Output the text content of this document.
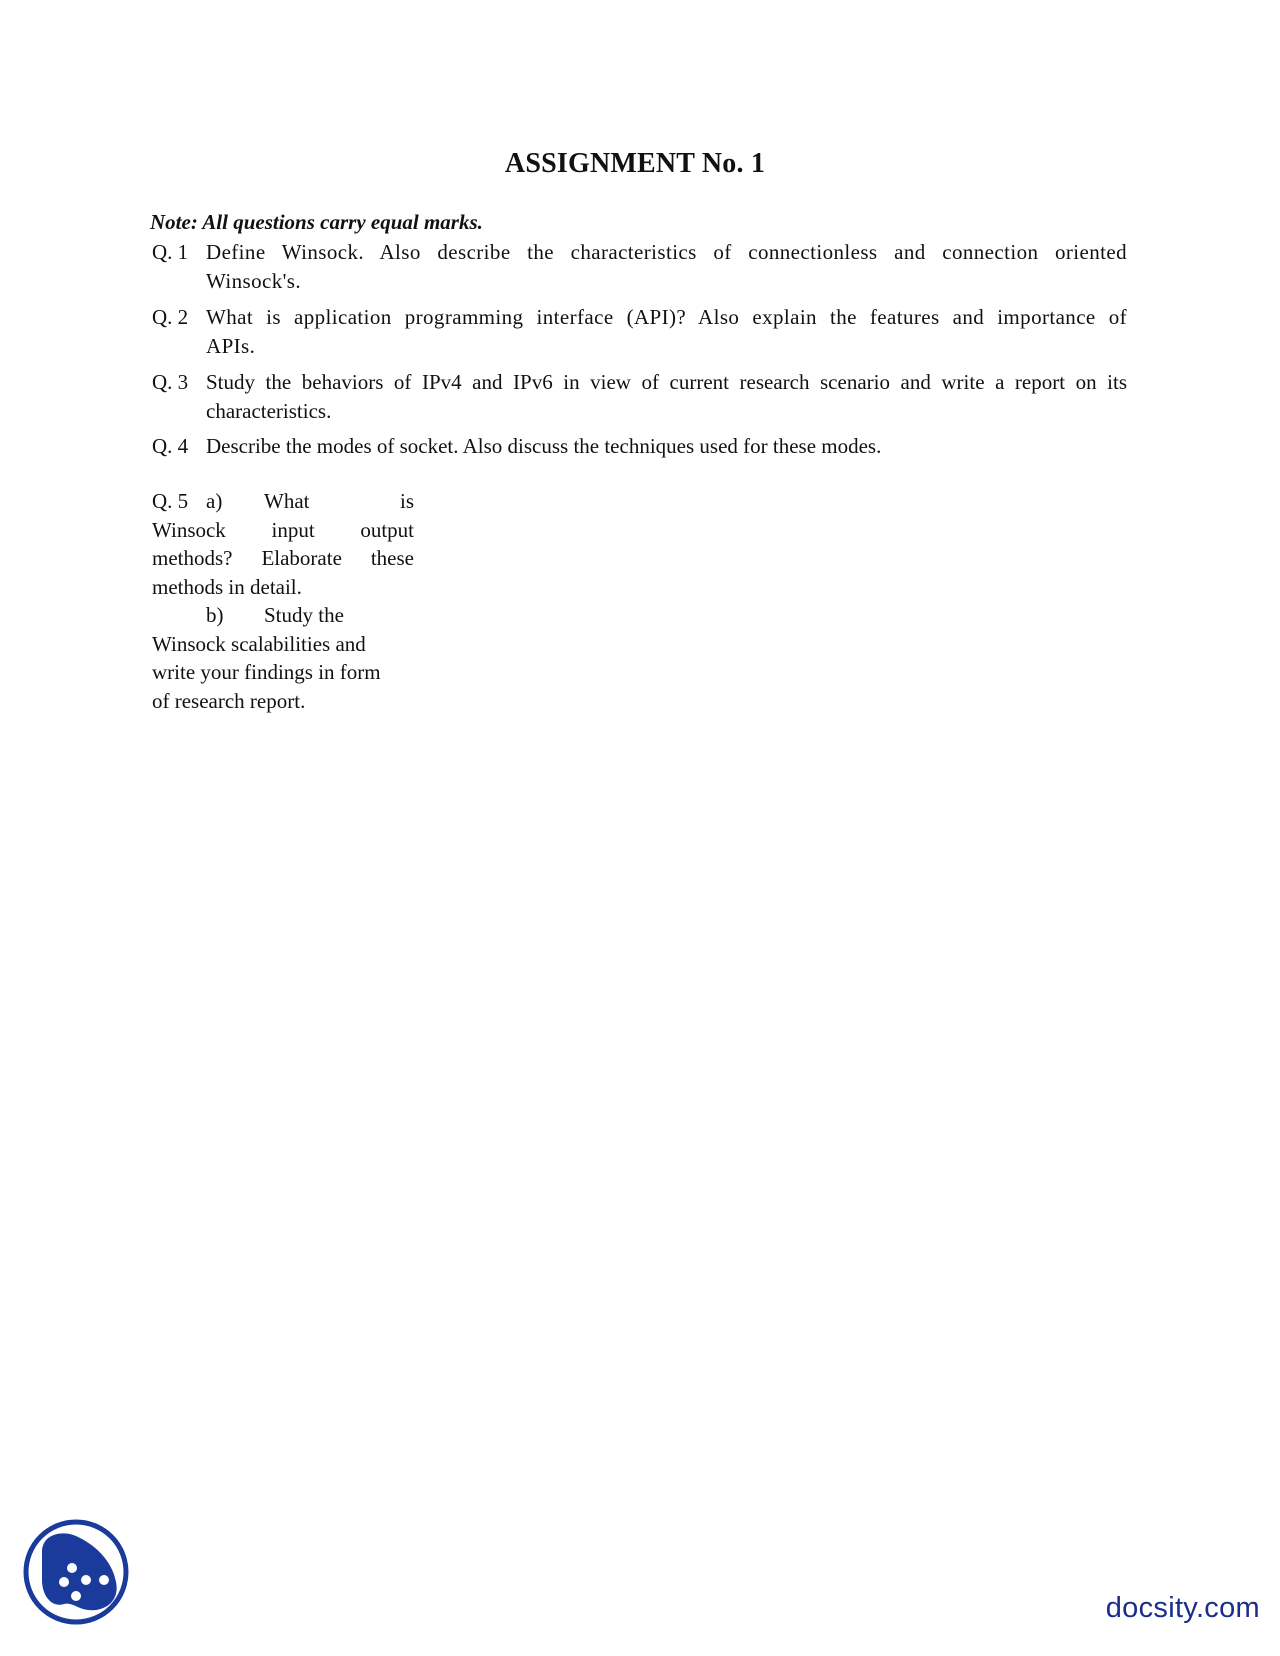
ASSIGNMENT No. 1
Note: All questions carry equal marks.
Q. 1 Define Winsock. Also describe the characteristics of connectionless and connection oriented Winsock's.
Q. 2 What is application programming interface (API)? Also explain the features and importance of APIs.
Q. 3 Study the behaviors of IPv4 and IPv6 in view of current research scenario and write a report on its characteristics.
Q. 4 Describe the modes of socket. Also discuss the techniques used for these modes.
Q. 5 a) What	is
Winsock input output
methods? Elaborate these
methods in detail.
b) Study the
Winsock scalabilities and
write your findings in form
of research report.
docsity.com
